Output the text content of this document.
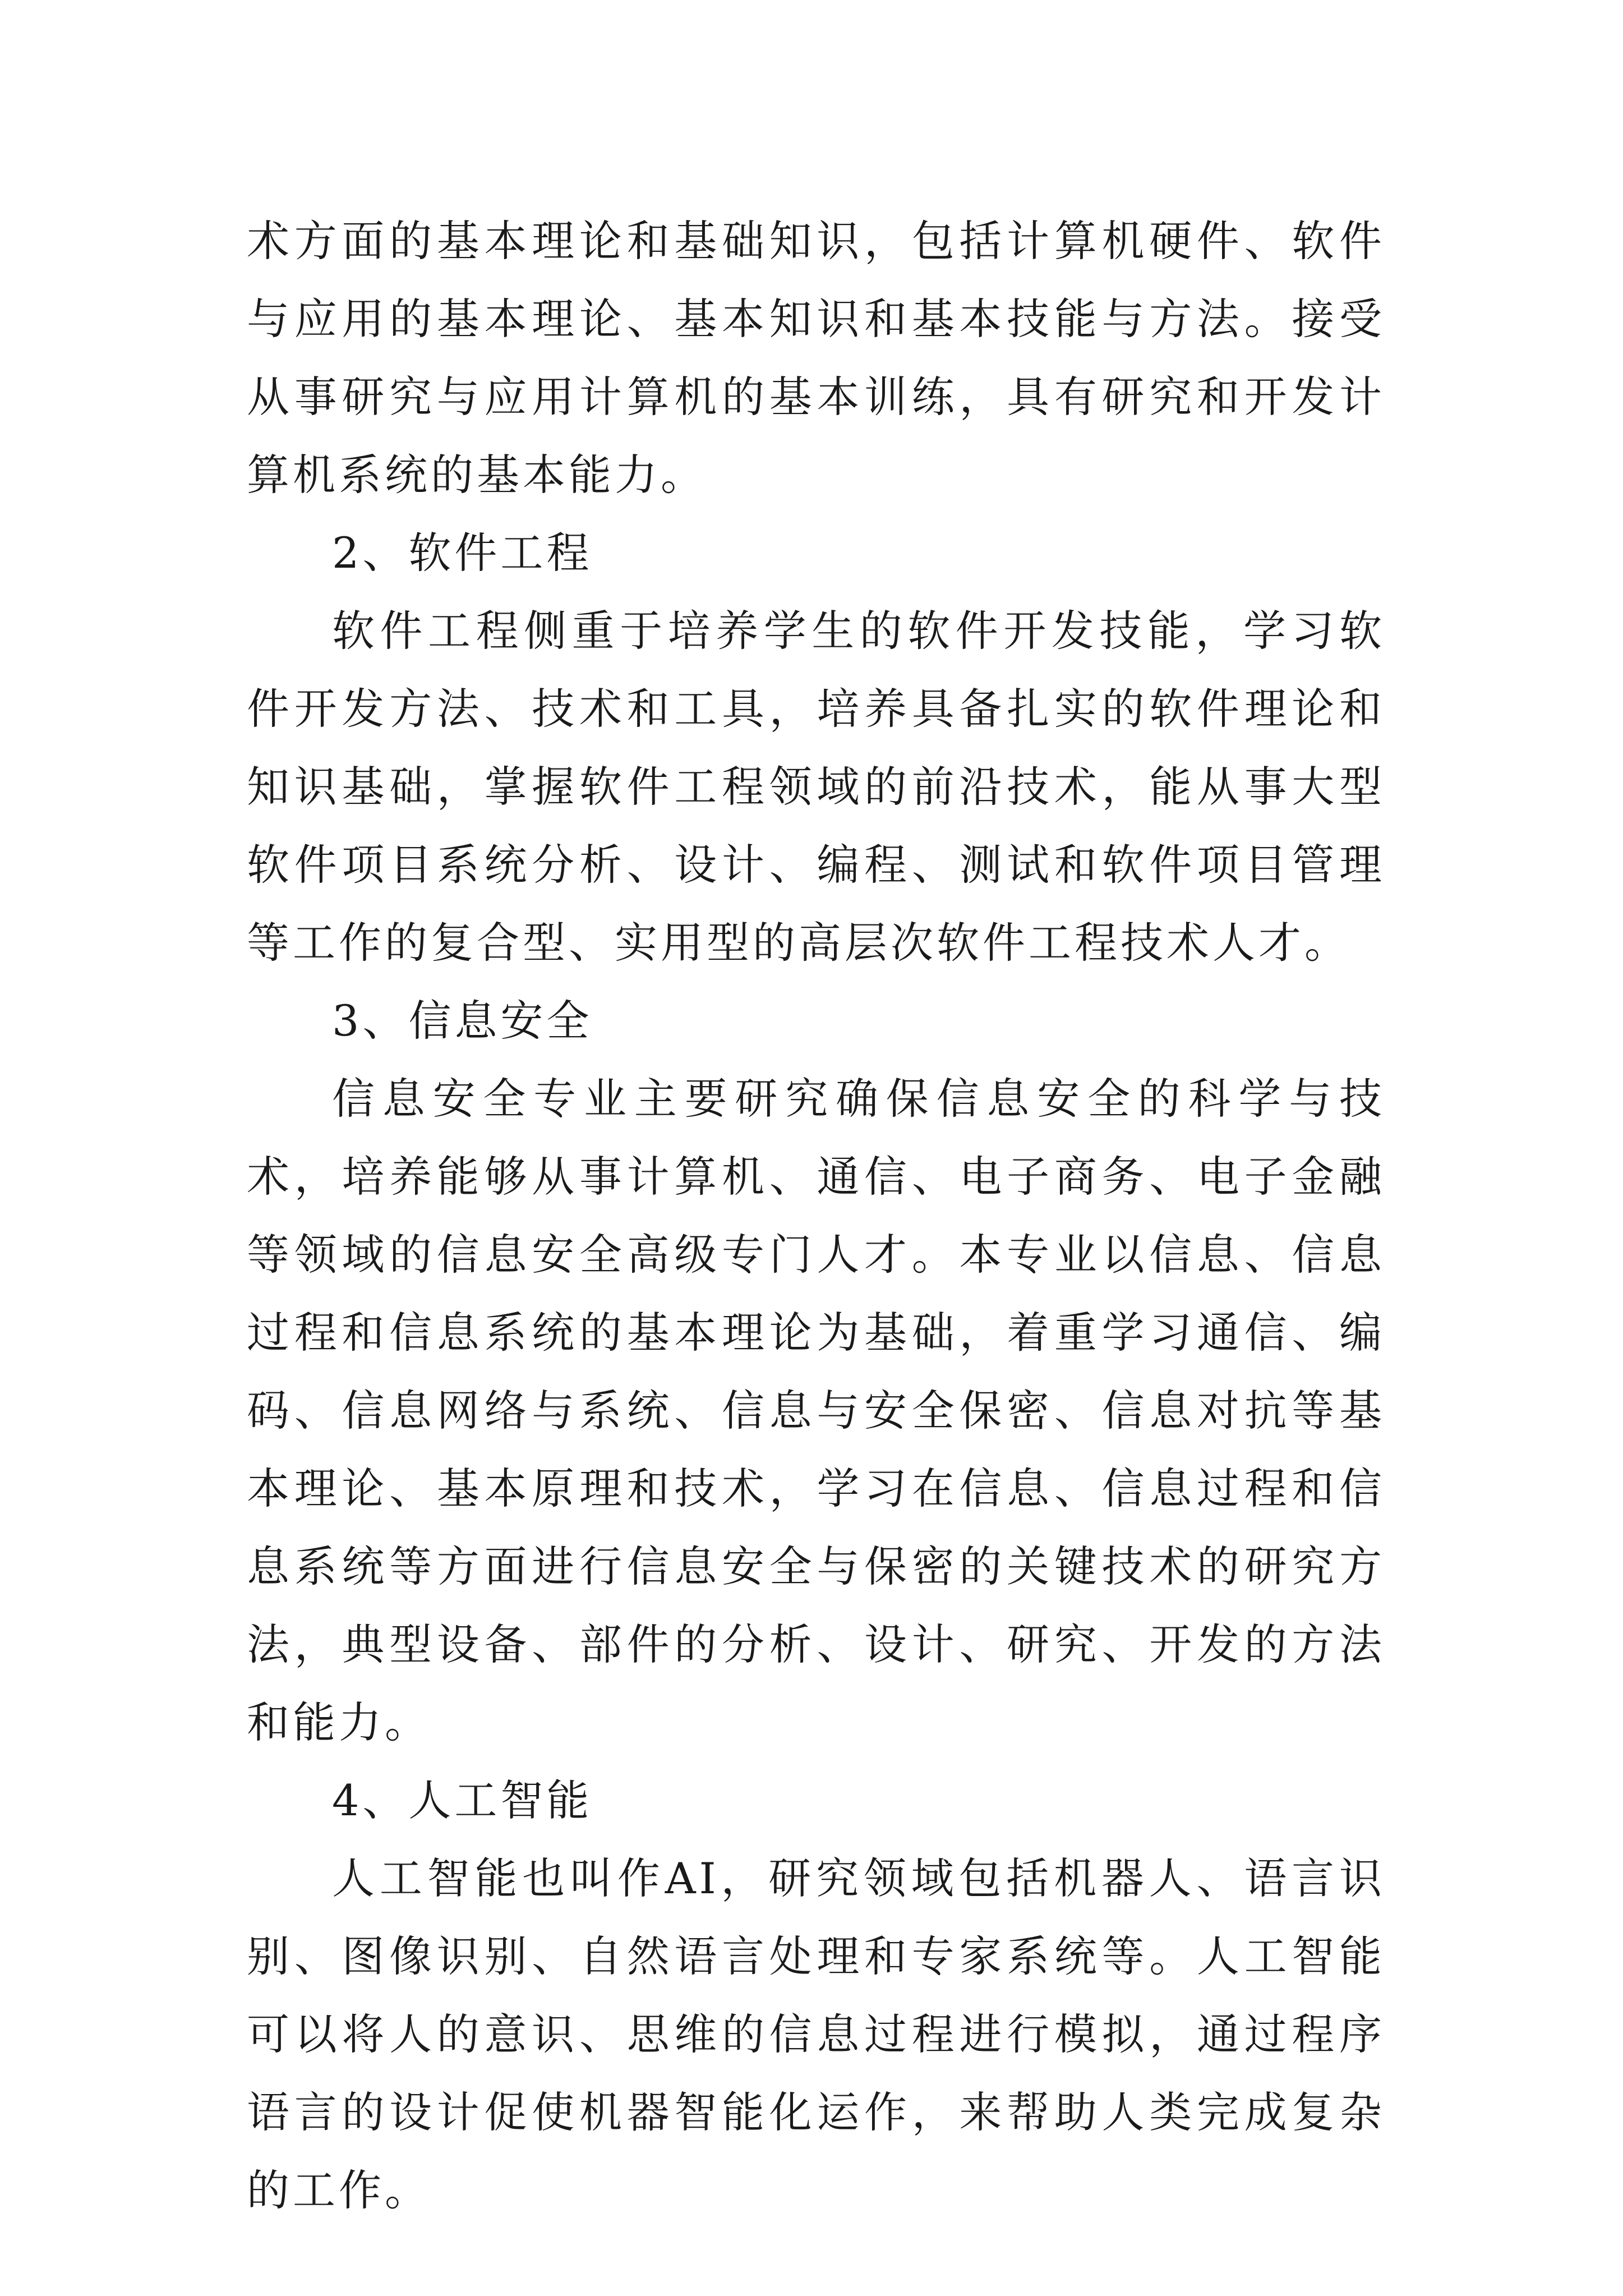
术方面的基本理论和基础知识，包括计算机硬件、软件与应用的基本理论、基本知识和基本技能与方法。接受从事研究与应用计算机的基本训练，具有研究和开发计算机系统的基本能力。

2、软件工程

软件工程侧重于培养学生的软件开发技能，学习软件开发方法、技术和工具，培养具备扎实的软件理论和知识基础，掌握软件工程领域的前沿技术，能从事大型软件项目系统分析、设计、编程、测试和软件项目管理等工作的复合型、实用型的高层次软件工程技术人才。

3、信息安全

信息安全专业主要研究确保信息安全的科学与技术，培养能够从事计算机、通信、电子商务、电子金融等领域的信息安全高级专门人才。本专业以信息、信息过程和信息系统的基本理论为基础，着重学习通信、编码、信息网络与系统、信息与安全保密、信息对抗等基本理论、基本原理和技术，学习在信息、信息过程和信息系统等方面进行信息安全与保密的关键技术的研究方法，典型设备、部件的分析、设计、研究、开发的方法和能力。

4、人工智能

人工智能也叫作AI，研究领域包括机器人、语言识别、图像识别、自然语言处理和专家系统等。人工智能可以将人的意识、思维的信息过程进行模拟，通过程序语言的设计促使机器智能化运作，来帮助人类完成复杂的工作。
